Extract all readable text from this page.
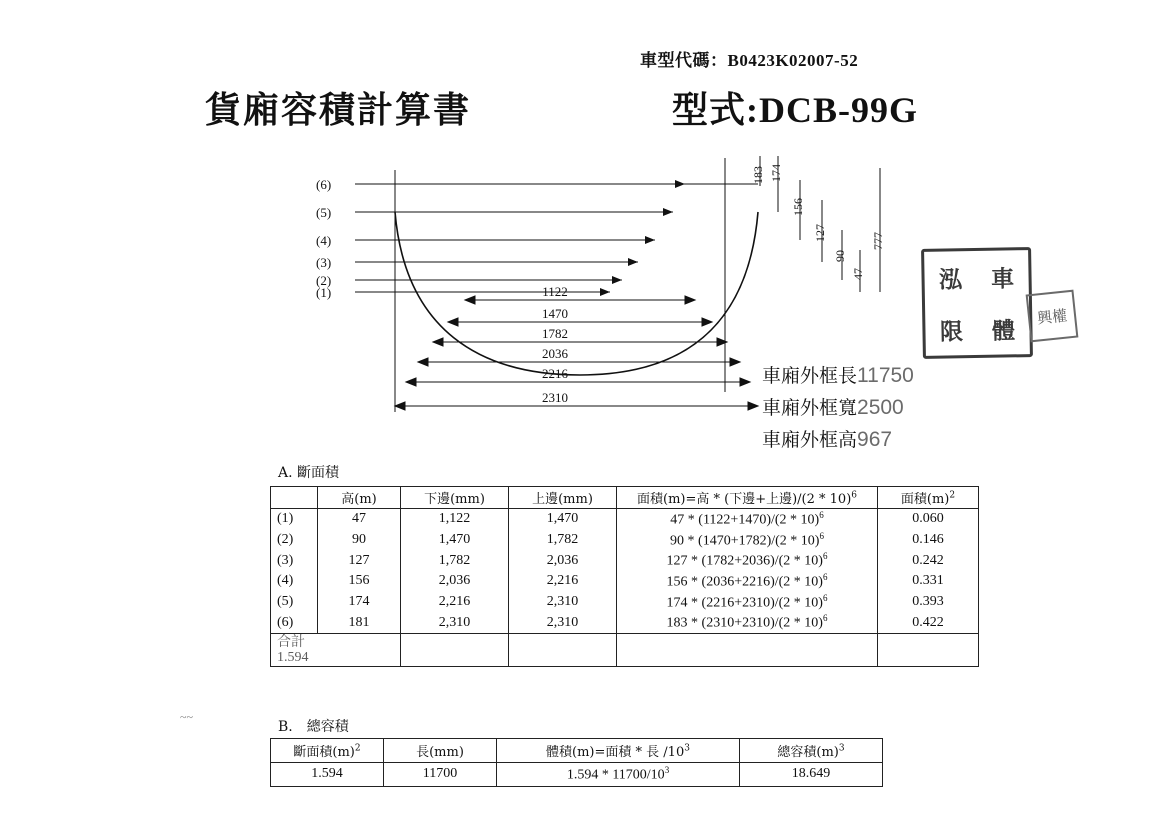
車型代碼：B0423K02007-52
貨廂容積計算書	型式:DCB-99G
(6)
(5)
(4)
(3)
(2)
(1)
183 174
156
127
90
47
777
1122
1470
1782
2036
2216
2310
車廂外框長11750
車廂外框寬2500
車廂外框高967
泓	車
限	體
興權
A. 斷面積
	高(m)	下邊(mm)	上邊(mm)	面積(m)=高 * (下邊+上邊)/(2 * 10)$^6$	面積$(m)^2$
(1)	47	1,122	1,470	47 * (1122+1470)/(2 * 10)$^6$	0.060
(2)	90	1,470	1,782	90 * (1470+1782)/(2 * 10)$^6$	0.146
(3)	127	1,782	2,036	127 * (1782+2036)/(2 * 10)$^6$	0.242
(4)	156	2,036	2,216	156 * (2036+2216)/(2 * 10)$^6$	0.331
(5)	174	2,216	2,310	174 * (2216+2310)/(2 * 10)$^6$	0.393
(6)	181	2,310	2,310	183 * (2310+2310)/(2 * 10)$^6$	0.422

合計
1.594					

B.　總容積
斷面積$(m)^2$	長(mm)	體積(m)=面積 * 長 $/10^3$	總容積$(m)^3$
1.594	11700	$1.594 * 11700/10^3$	18.649
~~
